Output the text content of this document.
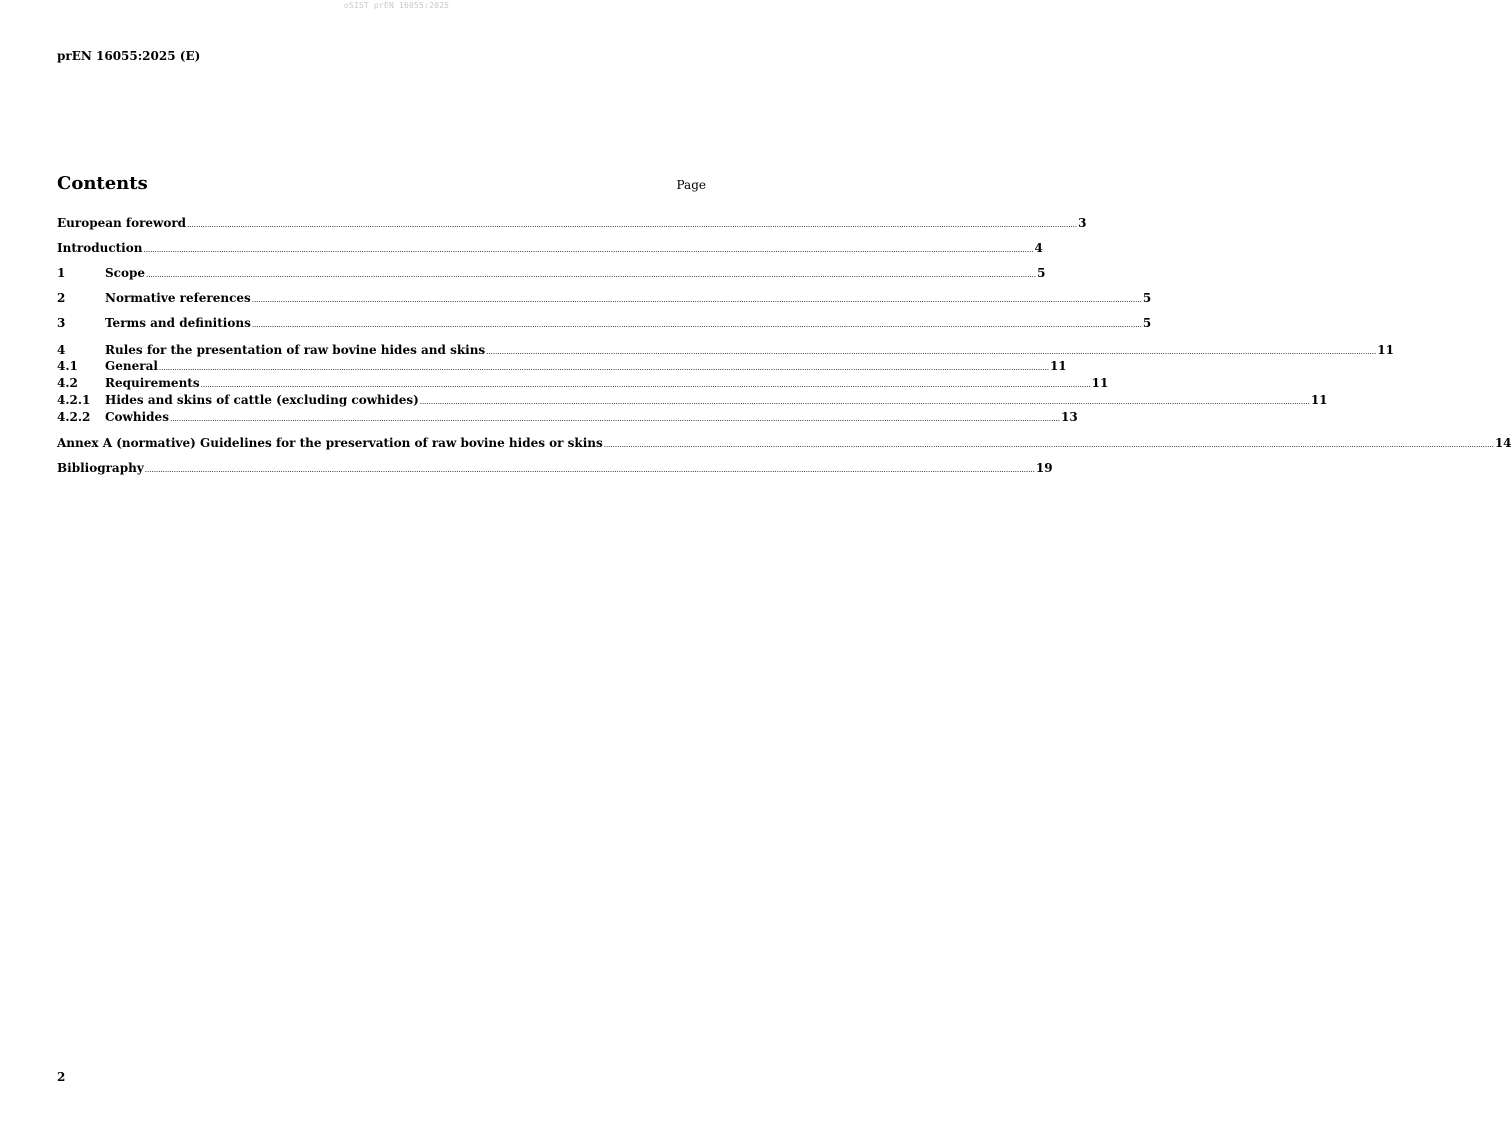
oSIST prEN 16055:2025
prEN 16055:2025 (E)
Contents	Page
European foreword ................................................................................................................................................................................................................................................................................................................................................................................................................ 3
Introduction ................................................................................................................................................................................................................................................................................................................................................................................................................ 4
1	Scope ................................................................................................................................................................................................................................................................................................................................................................................................................ 5
2	Normative references ................................................................................................................................................................................................................................................................................................................................................................................................................ 5
3	Terms and definitions ................................................................................................................................................................................................................................................................................................................................................................................................................ 5
4	Rules for the presentation of raw bovine hides and skins ................................................................................................................................................................................................................................................................................................................................................................................................................ 11
4.1	General ................................................................................................................................................................................................................................................................................................................................................................................................................ 11
4.2	Requirements ................................................................................................................................................................................................................................................................................................................................................................................................................ 11
4.2.1	Hides and skins of cattle (excluding cowhides) ................................................................................................................................................................................................................................................................................................................................................................................................................ 11
4.2.2	Cowhides ................................................................................................................................................................................................................................................................................................................................................................................................................ 13
Annex A (normative) Guidelines for the preservation of raw bovine hides or skins ................................................................................................................................................................................................................................................................................................................................................................................................................ 14
Bibliography ................................................................................................................................................................................................................................................................................................................................................................................................................ 19
2
